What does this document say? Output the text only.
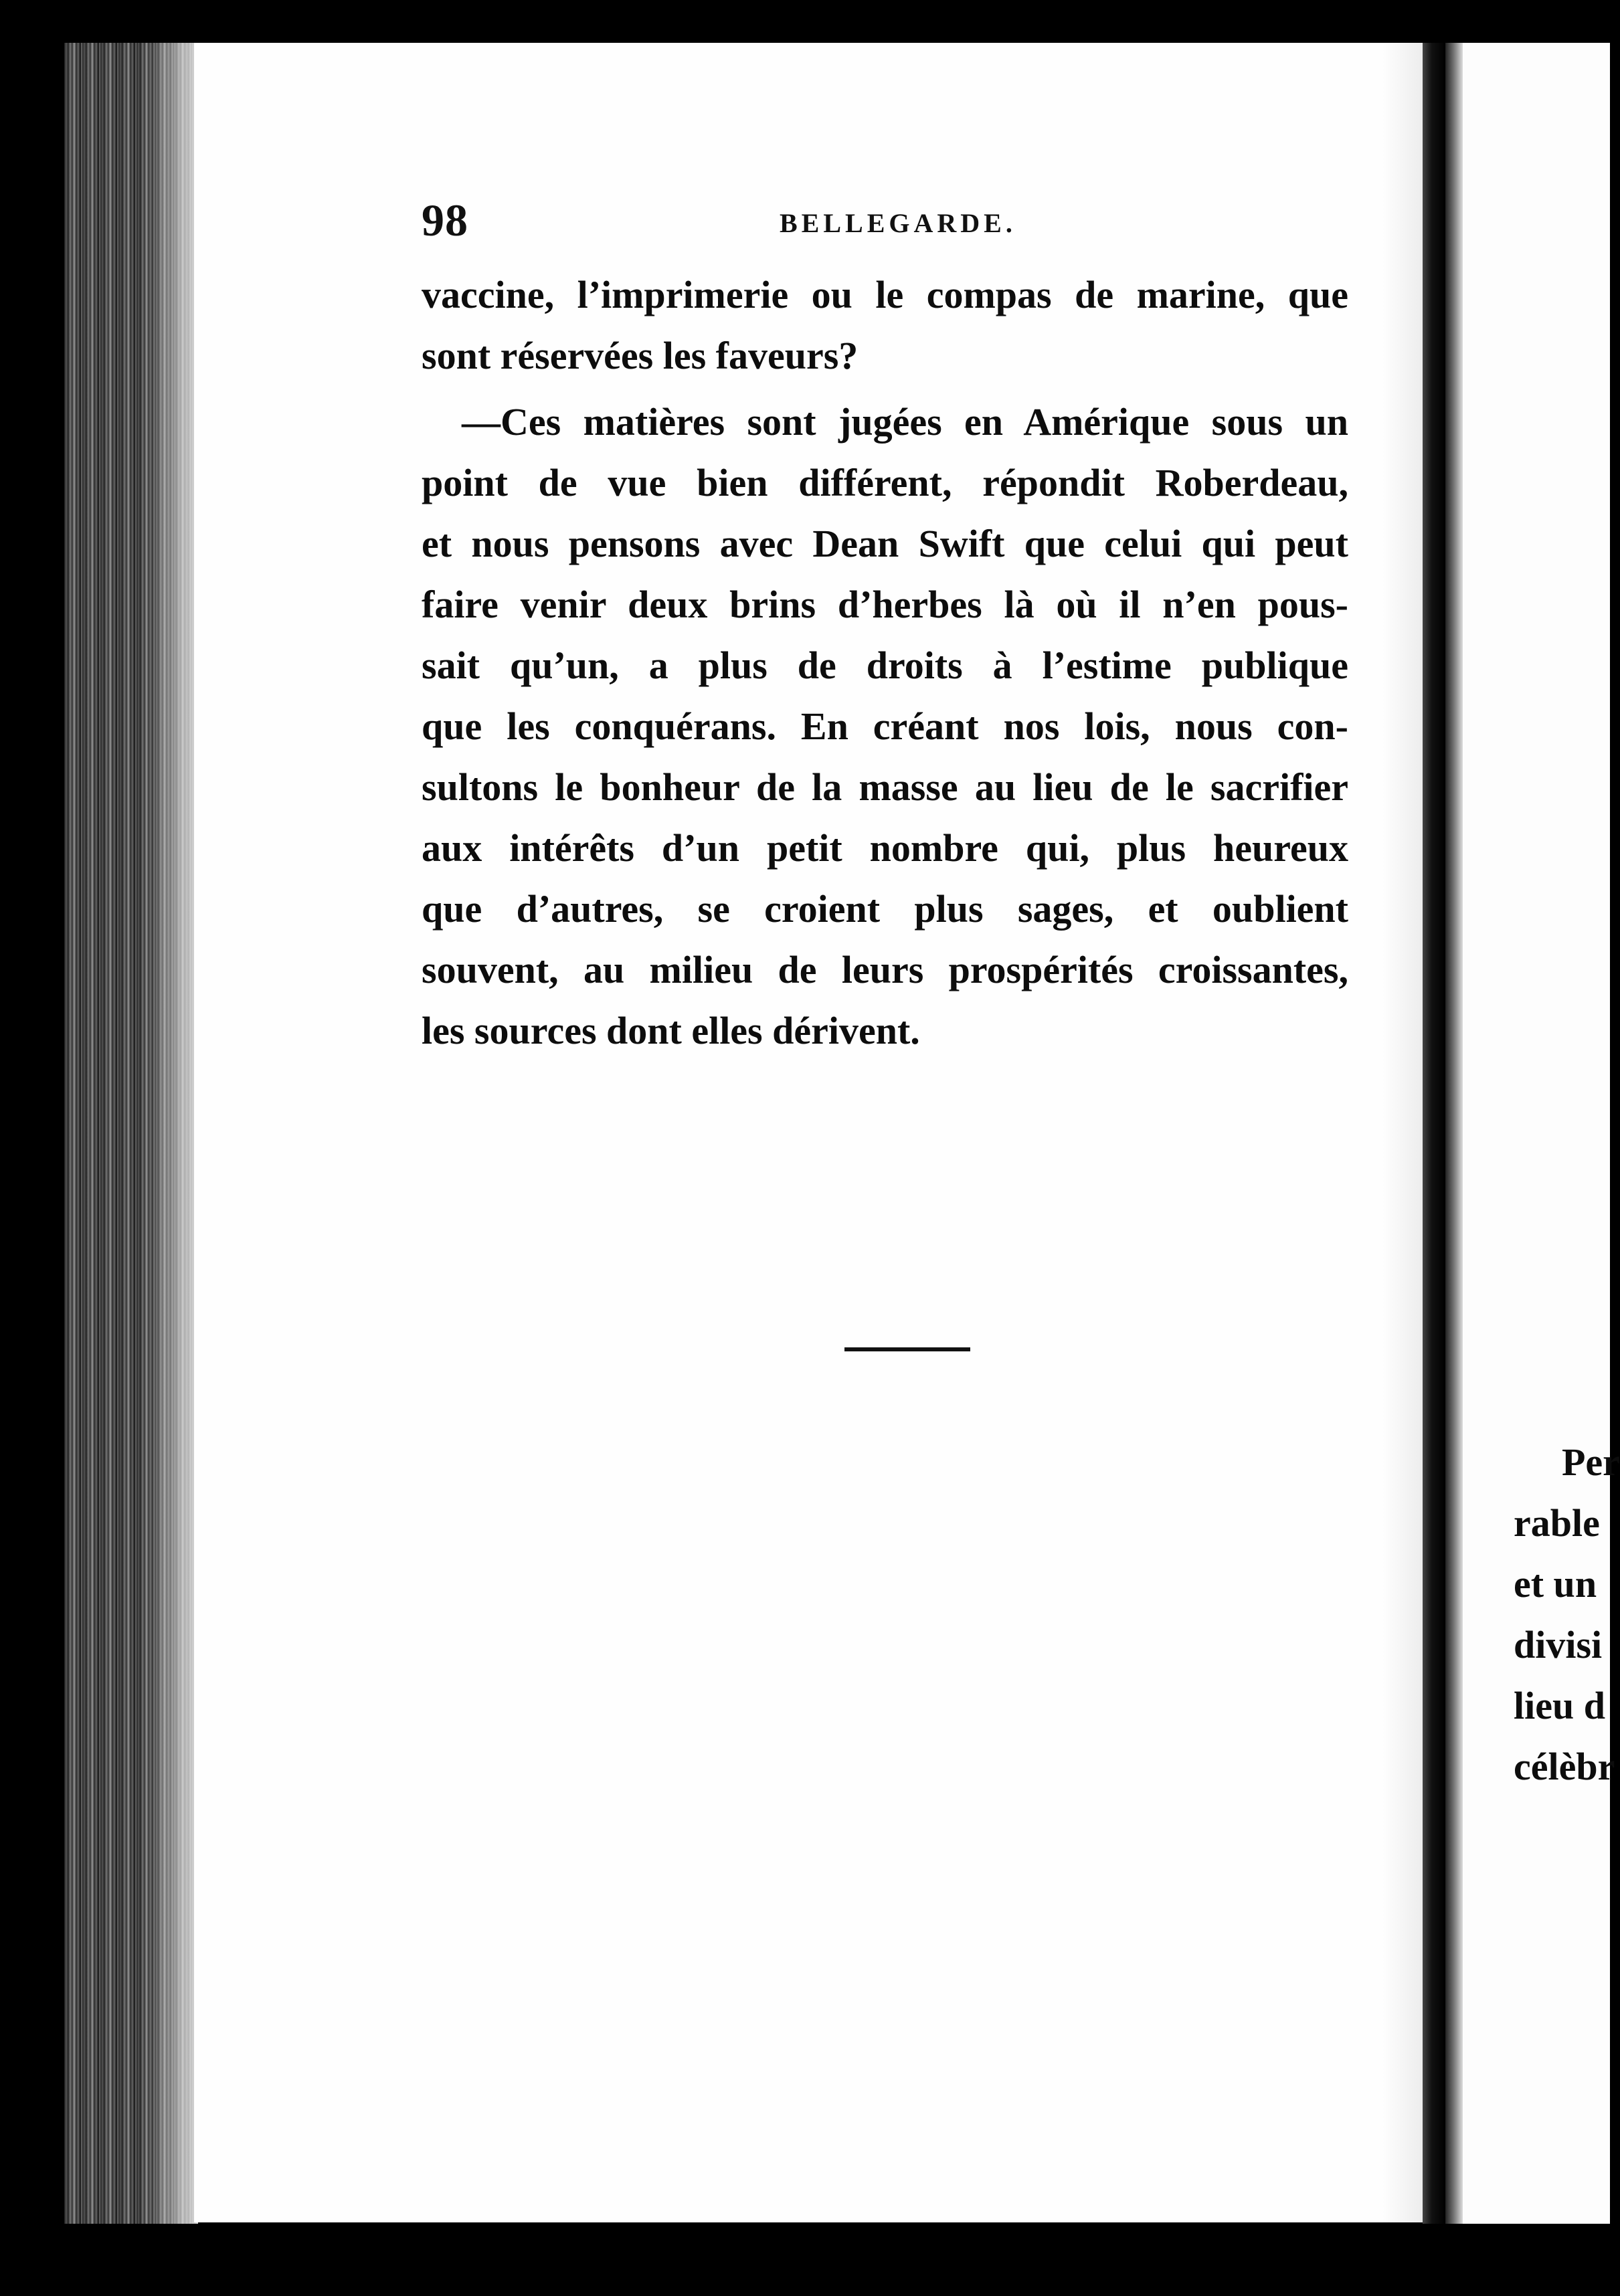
98	BELLEGARDE.
vaccine, l’imprimerie ou le compas de marine, que
sont réservées les faveurs?
—Ces matières sont jugées en Amérique sous un
point de vue bien différent, répondit Roberdeau,
et nous pensons avec Dean Swift que celui qui peut
faire venir deux brins d’herbes là où il n’en pous-
sait qu’un, a plus de droits à l’estime publique
que les conquérans. En créant nos lois, nous con-
sultons le bonheur de la masse au lieu de le sacrifier
aux intérêts d’un petit nombre qui, plus heureux
que d’autres, se croient plus sages, et oublient
souvent, au milieu de leurs prospérités croissantes,
les sources dont elles dérivent.
Per
rable
et un
divisi
lieu d
célèbr
